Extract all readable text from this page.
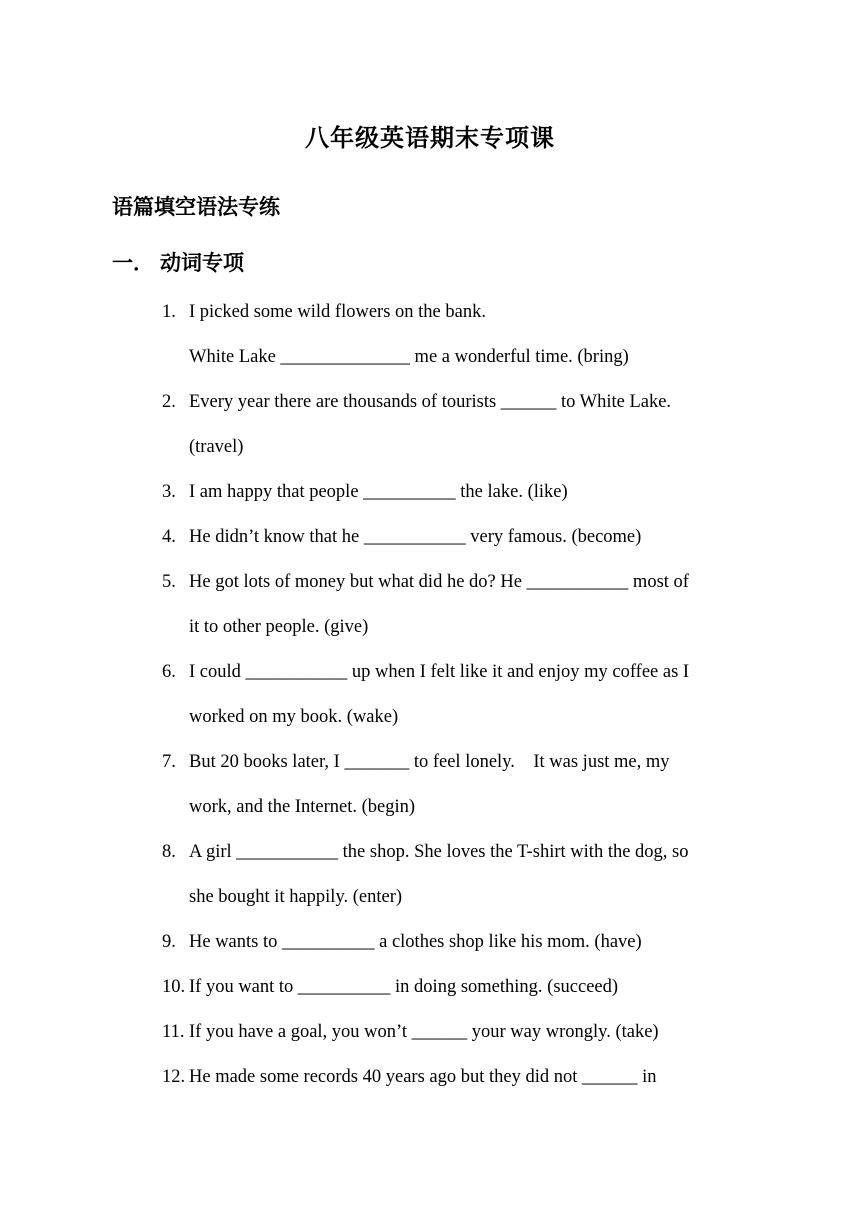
八年级英语期末专项课
语篇填空语法专练
一． 动词专项
1. I picked some wild flowers on the bank.
White Lake ______________ me a wonderful time. (bring)
2. Every year there are thousands of tourists ______ to White Lake.
(travel)
3. I am happy that people __________ the lake. (like)
4. He didn’t know that he ___________ very famous. (become)
5. He got lots of money but what did he do? He ___________ most of
it to other people. (give)
6. I could ___________ up when I felt like it and enjoy my coffee as I
worked on my book. (wake)
7. But 20 books later, I _______ to feel lonely.    It was just me, my
work, and the Internet. (begin)
8. A girl ___________ the shop. She loves the T-shirt with the dog, so
she bought it happily. (enter)
9. He wants to __________ a clothes shop like his mom. (have)
10. If you want to __________ in doing something. (succeed)
11. If you have a goal, you won’t ______ your way wrongly. (take)
12. He made some records 40 years ago but they did not ______ in
